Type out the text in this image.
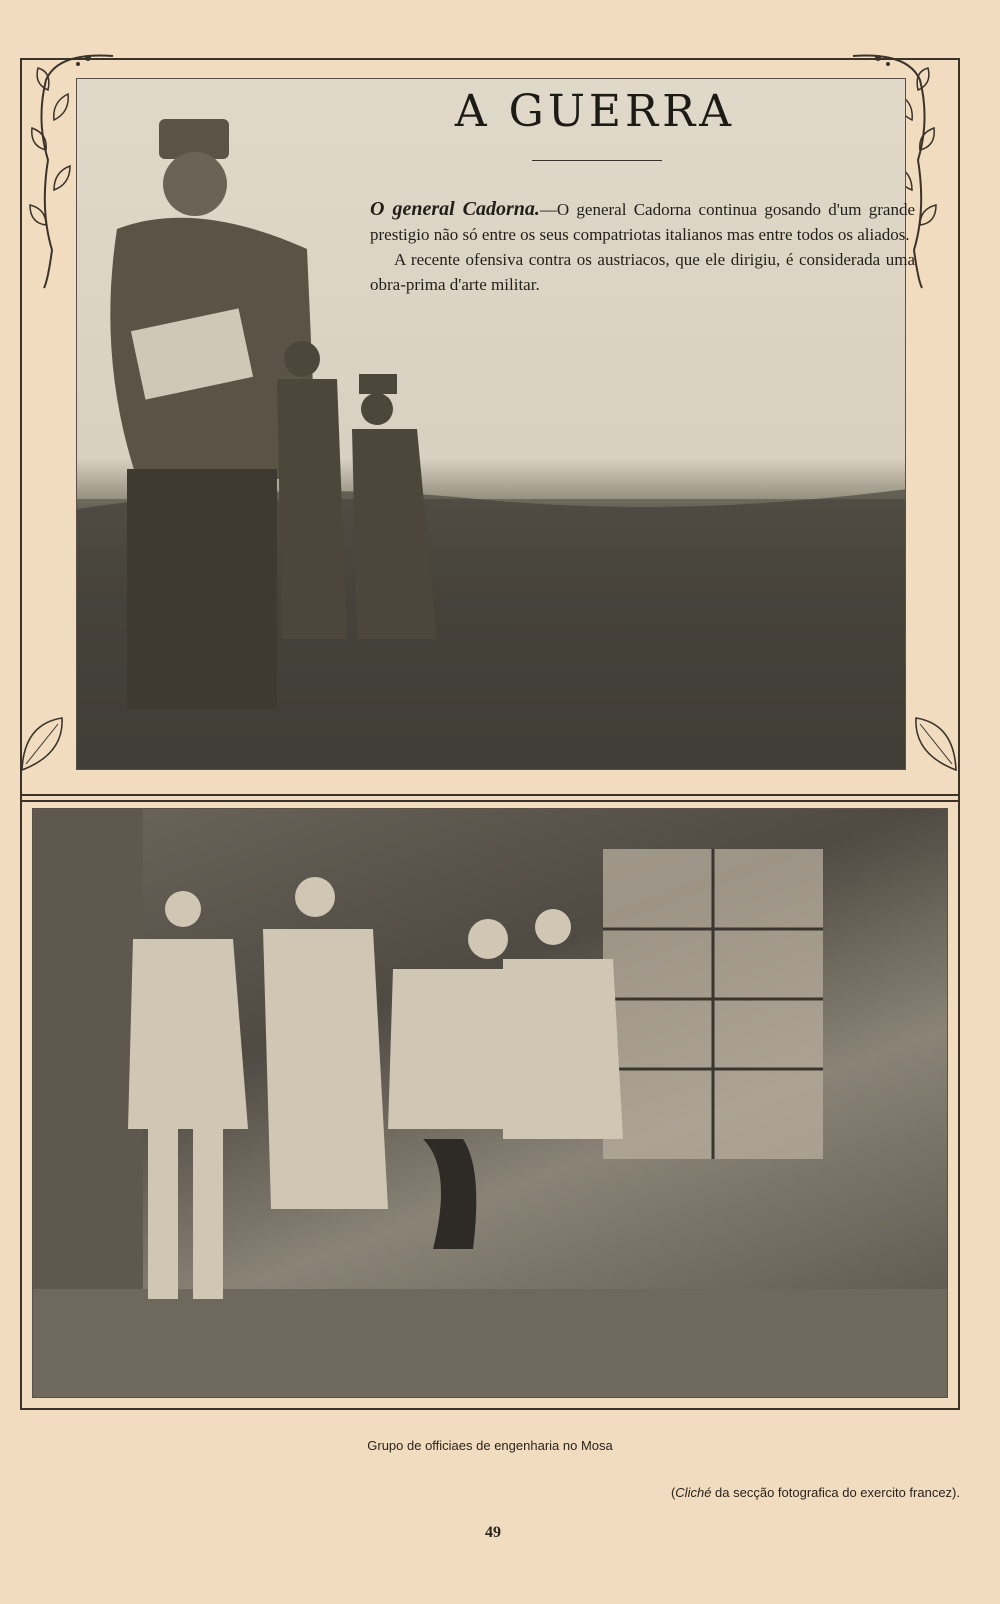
A GUERRA
O general Cadorna.—O general Cadorna continua gosando d'um grande prestigio não só entre os seus compatriotas italianos mas entre todos os aliados.
A recente ofensiva contra os austriacos, que ele dirigiu, é considerada uma obra-prima d'arte militar.
Grupo de officiaes de engenharia no Mosa
(Cliché da secção fotografica do exercito francez).
49
